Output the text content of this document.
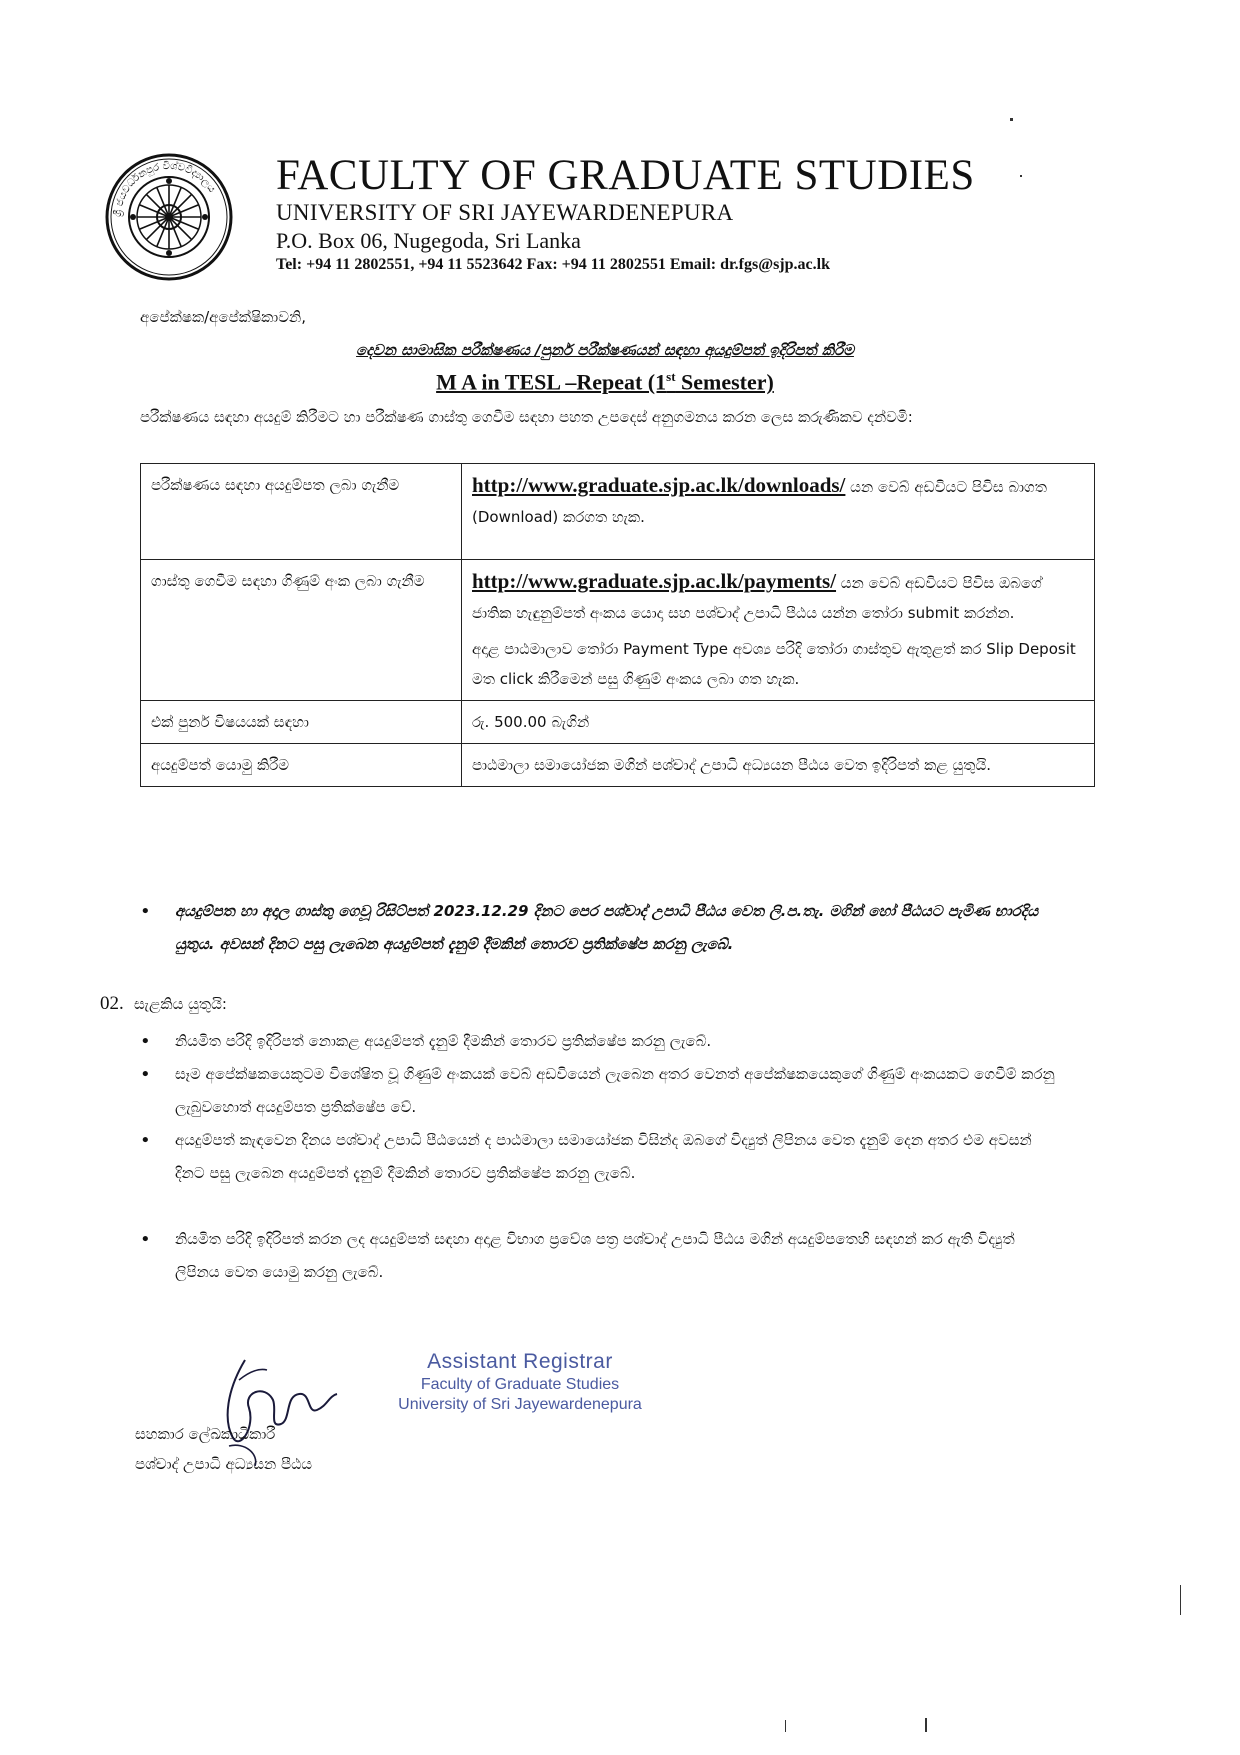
ශ්‍රී ජයවර්ධනපුර විශ්වවිද්‍යාලය FACULTY OF GRADUATE STUDIES
UNIVERSITY OF SRI JAYEWARDENEPURA
P.O. Box 06, Nugegoda, Sri Lanka
Tel: +94 11 2802551, +94 11 5523642 Fax: +94 11 2802551 Email: dr.fgs@sjp.ac.lk
අපේක්ෂක/අපේක්ෂිකාවනි,
දෙවන සාමාසික පරීක්ෂණය /පුනර් පරීක්ෂණයන් සඳහා අයදුම්පත් ඉදිරිපත් කිරීම
M A in TESL –Repeat (1st Semester)
පරීක්ෂණය සඳහා අයදුම් කිරීමට හා පරීක්ෂණ ගාස්තු ගෙවීම සඳහා පහත උපදෙස් අනුගමනය කරන ලෙස කරුණිකව දන්වමි:
පරීක්ෂණය සඳහා අයදුම්පත ලබා ගැනීම	http://www.graduate.sjp.ac.lk/downloads/ යන වෙබ් අඩවියට පිවිස බාගත (Download) කරගත හැක.
ගාස්තු ගෙවීම සඳහා ගිණුම් අංක ලබා ගැනීම	http://www.graduate.sjp.ac.lk/payments/ යන වෙබ් අඩවියට පිවිස ඔබගේ ජාතික හැඳුනුම්පත් අංකය යොදා සහ පශ්චාද් උපාධි පීඨය යන්න තෝරා submit කරන්න.

අදාළ පාඨමාලාව තෝරා Payment Type අවශ්‍ය පරිදි තෝරා ගාස්තුව ඇතුළත් කර Slip Deposit මත click කිරීමෙන් පසු ගිණුම් අංකය ලබා ගත හැක.

එක් පුනර් විෂයයක් සඳහා	රු. 500.00 බැගින්
අයදුම්පත් යොමු කිරීම	පාඨමාලා සමායෝජක මගින් පශ්චාද් උපාධි අධ්‍යයන පීඨය වෙත ඉදිරිපත් කළ යුතුයි.
• අයදුම්පත හා අදාල ගාස්තු ගෙවූ රිසිට්පත් 2023.12.29 දිනට පෙර පශ්චාද් උපාධි පීඨය වෙත ලි.ප.තැ. මගින් හෝ පීඨයට පැමිණ භාරදිය යුතුය. අවසන් දිනට පසු ලැබෙන අයදුම්පත් දැනුම් දීමකින් තොරව ප්‍රතික්ෂේප කරනු ලැබේ.
02. සැළකිය යුතුයි:
• නියමිත පරිදි ඉදිරිපත් නොකළ අයදුම්පත් දැනුම් දීමකින් තොරව ප්‍රතික්ෂේප කරනු ලැබේ.
• සෑම අපේක්ෂකයෙකුටම විශේෂිත වූ ගිණුම් අංකයක් වෙබ් අඩවියෙන් ලැබෙන අතර වෙනත් අපේක්ෂකයෙකුගේ ගිණුම් අංකයකට ගෙවීම් කරනු ලැබුවහොත් අයදුම්පත ප්‍රතික්ෂේප වේ.
• අයදුම්පත් කැඳවෙන දිනය පශ්චාද් උපාධි පීඨයෙන් ද පාඨමාලා සමායෝජක විසින්ද ඔබගේ විද්‍යුත් ලිපිනය වෙත දැනුම් දෙන අතර එම අවසන් දිනට පසු ලැබෙන අයදුම්පත් දැනුම් දීමකින් තොරව ප්‍රතික්ෂේප කරනු ලැබේ.
• නියමිත පරිදි ඉදිරිපත් කරන ලද අයදුම්පත් සඳහා අදාළ විභාග ප්‍රවේශ පත්‍ර පශ්චාද් උපාධි පීඨය මගින් අයදුම්පතෙහි සඳහන් කර ඇති විද්‍යුත් ලිපිනය වෙත යොමු කරනු ලැබේ.
Assistant Registrar
Faculty of Graduate Studies
University of Sri Jayewardenepura
සහකාර ලේඛකාධිකාරී
පශ්චාද් උපාධි අධ්‍යයන පීඨය
